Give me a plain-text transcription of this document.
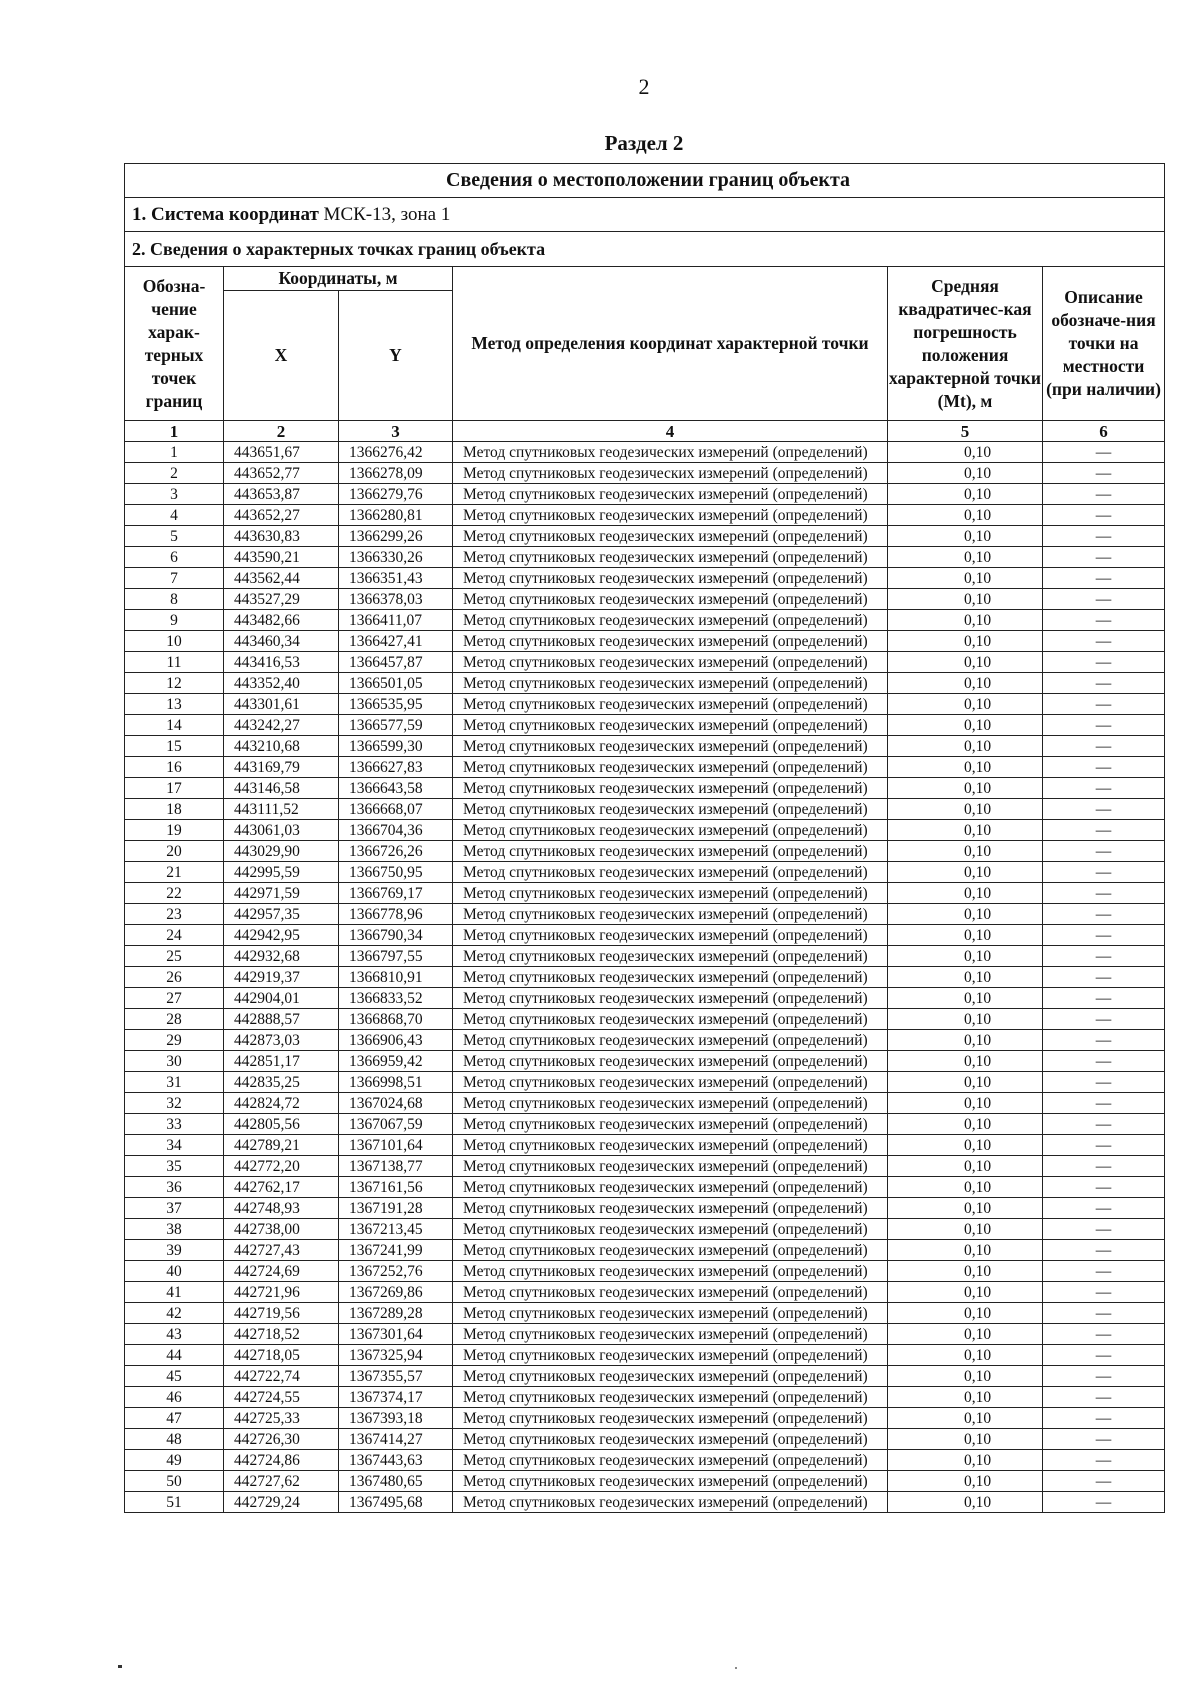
2
Раздел 2
Сведения о местоположении границ объекта					
1. Система координат МСК-13, зона 1					
2. Сведения о характерных точках границ объекта					
Обозна-чение харак-терных точек границ	Координаты, м		Метод определения координат характерной точки	Средняя квадратичес-кая погрешность положения характерной точки (Mt), м	Описание обозначе-ния точки на местности (при наличии)
	X	Y			
1	2	3	4	5	6
1	443651,67	1366276,42	Метод спутниковых геодезических измерений (определений)	0,10	—
2	443652,77	1366278,09	Метод спутниковых геодезических измерений (определений)	0,10	—
3	443653,87	1366279,76	Метод спутниковых геодезических измерений (определений)	0,10	—
4	443652,27	1366280,81	Метод спутниковых геодезических измерений (определений)	0,10	—
5	443630,83	1366299,26	Метод спутниковых геодезических измерений (определений)	0,10	—
6	443590,21	1366330,26	Метод спутниковых геодезических измерений (определений)	0,10	—
7	443562,44	1366351,43	Метод спутниковых геодезических измерений (определений)	0,10	—
8	443527,29	1366378,03	Метод спутниковых геодезических измерений (определений)	0,10	—
9	443482,66	1366411,07	Метод спутниковых геодезических измерений (определений)	0,10	—
10	443460,34	1366427,41	Метод спутниковых геодезических измерений (определений)	0,10	—
11	443416,53	1366457,87	Метод спутниковых геодезических измерений (определений)	0,10	—
12	443352,40	1366501,05	Метод спутниковых геодезических измерений (определений)	0,10	—
13	443301,61	1366535,95	Метод спутниковых геодезических измерений (определений)	0,10	—
14	443242,27	1366577,59	Метод спутниковых геодезических измерений (определений)	0,10	—
15	443210,68	1366599,30	Метод спутниковых геодезических измерений (определений)	0,10	—
16	443169,79	1366627,83	Метод спутниковых геодезических измерений (определений)	0,10	—
17	443146,58	1366643,58	Метод спутниковых геодезических измерений (определений)	0,10	—
18	443111,52	1366668,07	Метод спутниковых геодезических измерений (определений)	0,10	—
19	443061,03	1366704,36	Метод спутниковых геодезических измерений (определений)	0,10	—
20	443029,90	1366726,26	Метод спутниковых геодезических измерений (определений)	0,10	—
21	442995,59	1366750,95	Метод спутниковых геодезических измерений (определений)	0,10	—
22	442971,59	1366769,17	Метод спутниковых геодезических измерений (определений)	0,10	—
23	442957,35	1366778,96	Метод спутниковых геодезических измерений (определений)	0,10	—
24	442942,95	1366790,34	Метод спутниковых геодезических измерений (определений)	0,10	—
25	442932,68	1366797,55	Метод спутниковых геодезических измерений (определений)	0,10	—
26	442919,37	1366810,91	Метод спутниковых геодезических измерений (определений)	0,10	—
27	442904,01	1366833,52	Метод спутниковых геодезических измерений (определений)	0,10	—
28	442888,57	1366868,70	Метод спутниковых геодезических измерений (определений)	0,10	—
29	442873,03	1366906,43	Метод спутниковых геодезических измерений (определений)	0,10	—
30	442851,17	1366959,42	Метод спутниковых геодезических измерений (определений)	0,10	—
31	442835,25	1366998,51	Метод спутниковых геодезических измерений (определений)	0,10	—
32	442824,72	1367024,68	Метод спутниковых геодезических измерений (определений)	0,10	—
33	442805,56	1367067,59	Метод спутниковых геодезических измерений (определений)	0,10	—
34	442789,21	1367101,64	Метод спутниковых геодезических измерений (определений)	0,10	—
35	442772,20	1367138,77	Метод спутниковых геодезических измерений (определений)	0,10	—
36	442762,17	1367161,56	Метод спутниковых геодезических измерений (определений)	0,10	—
37	442748,93	1367191,28	Метод спутниковых геодезических измерений (определений)	0,10	—
38	442738,00	1367213,45	Метод спутниковых геодезических измерений (определений)	0,10	—
39	442727,43	1367241,99	Метод спутниковых геодезических измерений (определений)	0,10	—
40	442724,69	1367252,76	Метод спутниковых геодезических измерений (определений)	0,10	—
41	442721,96	1367269,86	Метод спутниковых геодезических измерений (определений)	0,10	—
42	442719,56	1367289,28	Метод спутниковых геодезических измерений (определений)	0,10	—
43	442718,52	1367301,64	Метод спутниковых геодезических измерений (определений)	0,10	—
44	442718,05	1367325,94	Метод спутниковых геодезических измерений (определений)	0,10	—
45	442722,74	1367355,57	Метод спутниковых геодезических измерений (определений)	0,10	—
46	442724,55	1367374,17	Метод спутниковых геодезических измерений (определений)	0,10	—
47	442725,33	1367393,18	Метод спутниковых геодезических измерений (определений)	0,10	—
48	442726,30	1367414,27	Метод спутниковых геодезических измерений (определений)	0,10	—
49	442724,86	1367443,63	Метод спутниковых геодезических измерений (определений)	0,10	—
50	442727,62	1367480,65	Метод спутниковых геодезических измерений (определений)	0,10	—
51	442729,24	1367495,68	Метод спутниковых геодезических измерений (определений)	0,10	—
